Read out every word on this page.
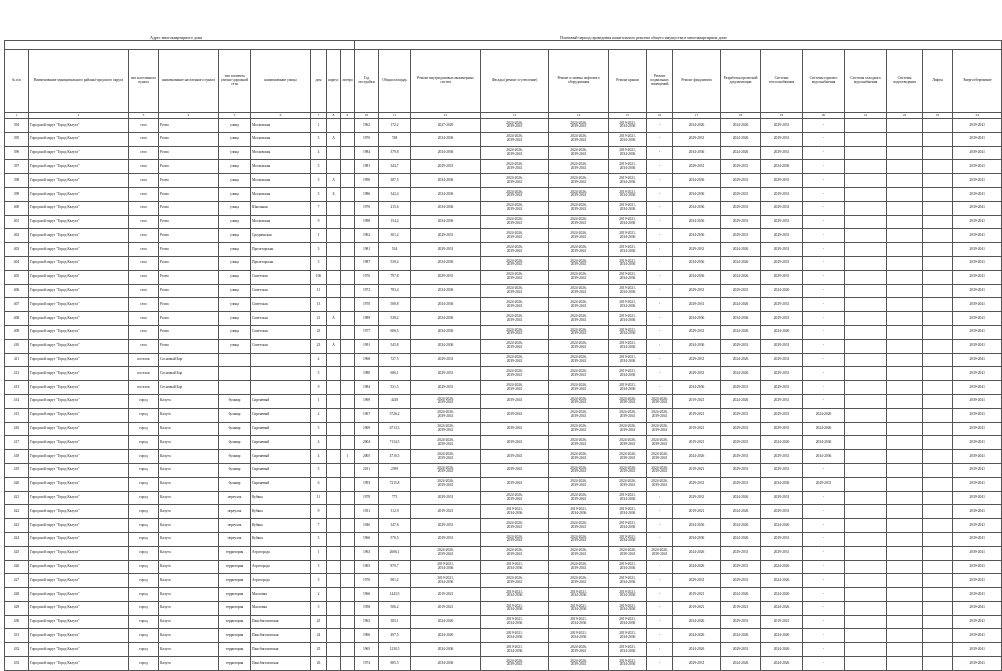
Адрес многоквартирного дома	Плановый период проведения капитального ремонта общего имущества в многоквартирном доме

№ п/п	Наименование муниципального района/городского округа	тип населенного пункта	наименование населенного пункта	тип элемента улично-дорожной сети	наименование улицы	дом	корпус	литера	Год постройки	Общая площадь	Ремонт внутридомовых инженерных систем	Фасады (ремонт и утепление)	Ремонт и замена лифтового оборудования	Ремонт крыши	Ремонт подвальных помещений	Ремонт фундамента	Разработка проектной документации	Системы теплоснабжения	Системы горячего водоснабжения	Системы холодного водоснабжения	Системы водоотведения	Лифты	Энергосбережение
1	2	3	4	5	6	7	8	9	10	11	12	13	14	15	16	17	18	19	20	21	22	23	24
394	Городской округ "Город Калуга"	село	Росва	улица	Московская	1			1962	172,2	2027-2029	2024-2026,
2039-2041	2024-2026,
2039-2041	2019-2021,
2034-2036	-	2024-2026	2024-2026	2029-2031	-				2039-2041
395	Городской округ "Город Калуга"	село	Росва	улица	Московская	3	А		1976	748	2034-2036	2024-2026,
2039-2041	2024-2026,
2039-2041	2019-2021,
2034-2036	-	2029-2031	2024-2026	2029-2031	-				2039-2041
396	Городской округ "Город Калуга"	село	Росва	улица	Московская	4			1984	379,8	2034-2036	2024-2026,
2039-2041	2024-2026,
2039-2041	2019-2021,
2034-2036	-	2034-2036	2024-2026	2029-2031	-				2039-2041
397	Городской округ "Город Калуга"	село	Росва	улица	Московская	5			1981	344,7	2029-2031	2024-2026,
2039-2041	2024-2026,
2039-2041	2019-2021,
2034-2036	-	2029-2031	2029-2031	2034-2036	-				2039-2041
398	Городской округ "Город Калуга"	село	Росва	улица	Московская	5	А		1990	387,5	2034-2036	2024-2026,
2039-2041	2024-2026,
2039-2041	2019-2021,
2034-2036	-	2034-2036	2029-2031	2029-2031	-				2039-2041
399	Городской округ "Город Калуга"	село	Росва	улица	Московская	5	Б		1986	342,4	2034-2036	2024-2026,
2039-2041	2024-2026,
2039-2041	2019-2021,
2034-2036	-	2034-2036	2029-2031	2029-2031	-				2039-2041
400	Городской округ "Город Калуга"	село	Росва	улица	Школьная	7			1976	215,6	2034-2036	2024-2026,
2039-2041	2024-2026,
2039-2041	2019-2021,
2034-2036	-	2034-2036	2029-2031	2029-2031	-				2039-2041
401	Городской округ "Город Калуга"	село	Росва	улица	Московская	9			1998	154,2	2034-2036	2024-2026,
2039-2041	2024-2026,
2039-2041	2019-2021,
2034-2036	-	2034-2036	2029-2031	2029-2031	-				2039-2041
402	Городской округ "Город Калуга"	село	Росва	улица	Средненская	1			1962	301,2	2029-2031	2024-2026,
2039-2041	2024-2026,
2039-2041	2019-2021,
2034-2036	-	2034-2036	2029-2031	2029-2031	-				2039-2041
403	Городской округ "Город Калуга"	село	Росва	улица	Пролетарская	3			1981	534	2029-2031	2024-2026,
2039-2041	2024-2026,
2039-2041	2019-2021,
2034-2036	-	2029-2031	2024-2026	2029-2031	-				2039-2041
404	Городской округ "Город Калуга"	село	Росва	улица	Пролетарская	5			1987	539,4	2034-2036	2024-2026,
2039-2041	2024-2026,
2039-2041	2019-2021,
2034-2036	-	2034-2036	2024-2026	2029-2031	-				2039-2041
405	Городской округ "Город Калуга"	село	Росва	улица	Советская	106			1976	797,8	2029-2031	2024-2026,
2039-2041	2024-2026,
2039-2041	2019-2021,
2034-2036	-	2034-2036	2024-2026	2029-2031	-				2039-2041
406	Городской округ "Город Калуга"	село	Росва	улица	Советская	11			1972	783,4	2034-2036	2024-2026,
2039-2041	2024-2026,
2039-2041	2019-2021,
2034-2036	-	2029-2031	2029-2031	2024-2026	-				2039-2041
407	Городской округ "Город Калуга"	село	Росва	улица	Советская	13			1970	508,8	2034-2036	2024-2026,
2039-2041	2024-2026,
2039-2041	2019-2021,
2034-2036	-	2029-2031	2024-2026	2029-2031	-				2039-2041
408	Городской округ "Город Калуга"	село	Росва	улица	Советская	21	А		1989	538,2	2034-2036	2024-2026,
2039-2041	2024-2026,
2039-2041	2019-2021,
2034-2036	-	2034-2036	2034-2036	2029-2031	-				2039-2041
409	Городской округ "Город Калуга"	село	Росва	улица	Советская	23			1977	606,5	2034-2036	2024-2026,
2039-2041	2024-2026,
2039-2041	2019-2021,
2034-2036	-	2029-2031	2024-2026	2024-2026	-				2039-2041
410	Городской округ "Город Калуга"	село	Росва	улица	Советская	23	А		1991	545,8	2034-2036	2024-2026,
2039-2041	2024-2026,
2039-2041	2019-2021,
2034-2036	-	2034-2036	2029-2031	2029-2031	-				2039-2041
411	Городской округ "Город Калуга"	поселок	Сосновый Бор			4			1968	727,5	2029-2031	2024-2026,
2039-2041	2024-2026,
2039-2041	2019-2021,
2034-2036	-	2029-2031	2024-2026	2029-2031	-				2039-2041
412	Городской округ "Город Калуга"	поселок	Сосновый Бор			5			1980	606,1	2029-2031	2024-2026,
2039-2041	2024-2026,
2039-2041	2019-2021,
2034-2036	-	2029-2031	2024-2026	2029-2031	-				2039-2041
413	Городской округ "Город Калуга"	поселок	Сосновый Бор			9			1984	531,5	2029-2031	2024-2026,
2039-2041	2024-2026,
2039-2041	2019-2021,
2034-2036	-	2034-2036	2029-2031	2029-2031	-				2039-2041
414	Городской округ "Город Калуга"	город	Калуга	бульвар	Сиреневый	1			1969	4418	2024-2026,
2039-2041	2039-2041	2024-2026,
2039-2041	2024-2026,
2039-2041	2024-2026,
2039-2041	2019-2021	2024-2026	2029-2031	-				2039-2041
415	Городской округ "Город Калуга"	город	Калуга	бульвар	Сиреневый	2			1967	5726,2	2024-2026,
2039-2041	2039-2041	2024-2026,
2039-2041	2024-2026,
2039-2041	2024-2026,
2039-2041	2019-2021	2029-2031	2029-2031	2024-2026				2039-2041
416	Городской округ "Город Калуга"	город	Калуга	бульвар	Сиреневый	3			1969	6713,3	2024-2026,
2039-2041	2039-2041	2024-2026,
2039-2041	2024-2026,
2039-2041	2024-2026,
2039-2041	2019-2021	2029-2031	2029-2031	2024-2026				2039-2041
417	Городской округ "Город Калуга"	город	Калуга	бульвар	Сиреневый	4			2004	7134,5	2024-2026,
2039-2041	2039-2041	2024-2026,
2039-2041	2024-2026,
2039-2041	2024-2026,
2039-2041	2019-2021	2029-2031	2024-2026	2034-2036				2039-2041
418	Городской округ "Город Калуга"	город	Калуга	бульвар	Сиреневый	4		1	2005	4710,5	2024-2026,
2039-2041	2039-2041	2024-2026,
2039-2041	2024-2026,
2039-2041	2024-2026,
2039-2041	2024-2026	2029-2031	2029-2031	2034-2036				2039-2041
419	Городской округ "Город Калуга"	город	Калуга	бульвар	Сиреневый	5			2011	2399	2024-2026,
2039-2041	2039-2041	2024-2026,
2039-2041	2024-2026,
2039-2041	2024-2026,
2039-2041	2019-2021	2029-2031	2029-2031	-				2039-2041
420	Городской округ "Город Калуга"	город	Калуга	бульвар	Сиреневый	6			1993	7215,8	2024-2026,
2039-2041	2039-2041	2024-2026,
2039-2041	2024-2026,
2039-2041	2024-2026,
2039-2041	2029-2031	2029-2031	2034-2036	2029-2031				2039-2041
421	Городской округ "Город Калуга"	город	Калуга	переулок	Кубяка	11			1978	775	2029-2031	2024-2026,
2039-2041	2024-2026,
2039-2041	2019-2021,
2034-2036	-	2029-2031	2024-2026	2029-2031	-				2039-2041
422	Городской округ "Город Калуга"	город	Калуга	переулок	Кубяка	9			1931	312,9	2019-2021	2019-2021,
2034-2036	2019-2021,
2034-2036	2019-2021,
2034-2036	-	2019-2021	2024-2026	2029-2031	-				2039-2041
423	Городской округ "Город Калуга"	город	Калуга	переулок	Кубяка	7			1946	347,6	2029-2031	2024-2026,
2039-2041	2024-2026,
2039-2041	2019-2021,
2034-2036	-	2034-2036	2024-2026	2024-2026	-				2039-2041
424	Городской округ "Город Калуга"	город	Калуга	переулок	Кубяка	3			1966	570,5	2029-2031	2024-2026,
2039-2041	2024-2026,
2039-2041	2019-2021,
2034-2036	-	2034-2036	2024-2026	2029-2031	-				2039-2041
425	Городской округ "Город Калуга"	город	Калуга	территория	Агрогорода	1			1963	2606,1	2024-2026,
2039-2041	2024-2026,
2039-2041	2024-2026,
2039-2041	2024-2026,
2039-2041	2024-2026,
2039-2041	2024-2026	2029-2031	2029-2031	-				2039-2041
426	Городской округ "Город Калуга"	город	Калуга	территория	Агрогорода	3			1965	870,7	2019-2021,
2034-2036	2019-2021,
2034-2036	2024-2026,
2039-2041	2019-2021,
2034-2036	-	2024-2026	2029-2031	2024-2026	-				2039-2041
427	Городской округ "Город Калуга"	город	Калуга	территория	Агрогорода	5			1970	981,2	2019-2021,
2034-2036	2024-2026,
2039-2041	2024-2026,
2039-2041	2019-2021,
2034-2036	-	2029-2031	2029-2031	2024-2026	-				2039-2041
428	Городской округ "Город Калуга"	город	Калуга	территория	Масловка	2			1966	1443,5	2019-2021	2019-2021,
2034-2036	2019-2021,
2034-2036	2019-2021,
2034-2036	-	2019-2021	2024-2026	2024-2026	-				2039-2041
429	Городской округ "Город Калуга"	город	Калуга	территория	Масловка	3			1958	506,2	2019-2021	2019-2021,
2034-2036	2019-2021,
2034-2036	2019-2021,
2034-2036	-	2019-2021	2019-2021	2024-2026	-				2039-2041
430	Городской округ "Город Калуга"	город	Калуга	территория	Пансбиголовская	23			1963	383,1	2024-2026	2019-2021,
2034-2036	2019-2021,
2034-2036	2019-2021,
2034-2036	-	2024-2026	2029-2031	2019-2021	-				2039-2041
431	Городской округ "Город Калуга"	город	Калуга	территория	Пансбиголовская	24			1966	497,5	2024-2026	2019-2021,
2034-2036	2019-2021,
2034-2036	2019-2021,
2034-2036	-	2024-2026	2024-2026	2024-2026	-				2039-2041
432	Городской округ "Город Калуга"	город	Калуга	территория	Пансбиголовская	25			1965	1230,5	2034-2036	2019-2021,
2034-2036	2024-2026,
2039-2041	2019-2021,
2034-2036	-	2024-2026	2029-2031	2024-2026	-				2039-2041
433	Городской округ "Город Калуга"	город	Калуга	территория	Пансбиголовская	26			1974	885,5	2034-2036	2024-2026,
2039-2041	2024-2026,
2039-2041	2019-2021,
2034-2036	-	2029-2031	2024-2026	2024-2026	-				2039-2041
